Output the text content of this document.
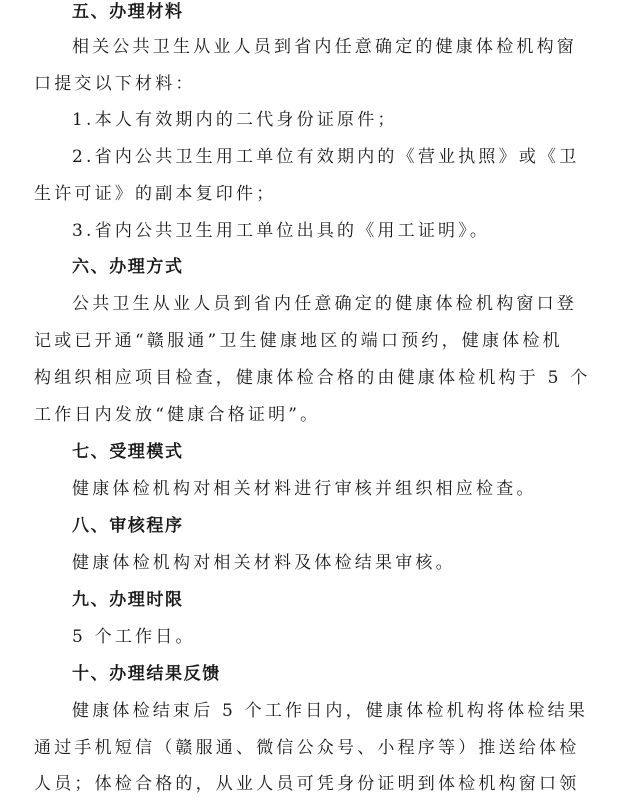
五、办理材料
相关公共卫生从业人员到省内任意确定的健康体检机构窗
口提交以下材料：
1.本人有效期内的二代身份证原件；
2.省内公共卫生用工单位有效期内的《营业执照》或《卫
生许可证》的副本复印件；
3.省内公共卫生用工单位出具的《用工证明》。
六、办理方式
公共卫生从业人员到省内任意确定的健康体检机构窗口登
记或已开通“赣服通”卫生健康地区的端口预约，健康体检机
构组织相应项目检查，健康体检合格的由健康体检机构于 5 个
工作日内发放“健康合格证明”。
七、受理模式
健康体检机构对相关材料进行审核并组织相应检查。
八、审核程序
健康体检机构对相关材料及体检结果审核。
九、办理时限
5 个工作日。
十、办理结果反馈
健康体检结束后 5 个工作日内，健康体检机构将体检结果
通过手机短信（赣服通、微信公众号、小程序等）推送给体检
人员；体检合格的，从业人员可凭身份证明到体检机构窗口领
